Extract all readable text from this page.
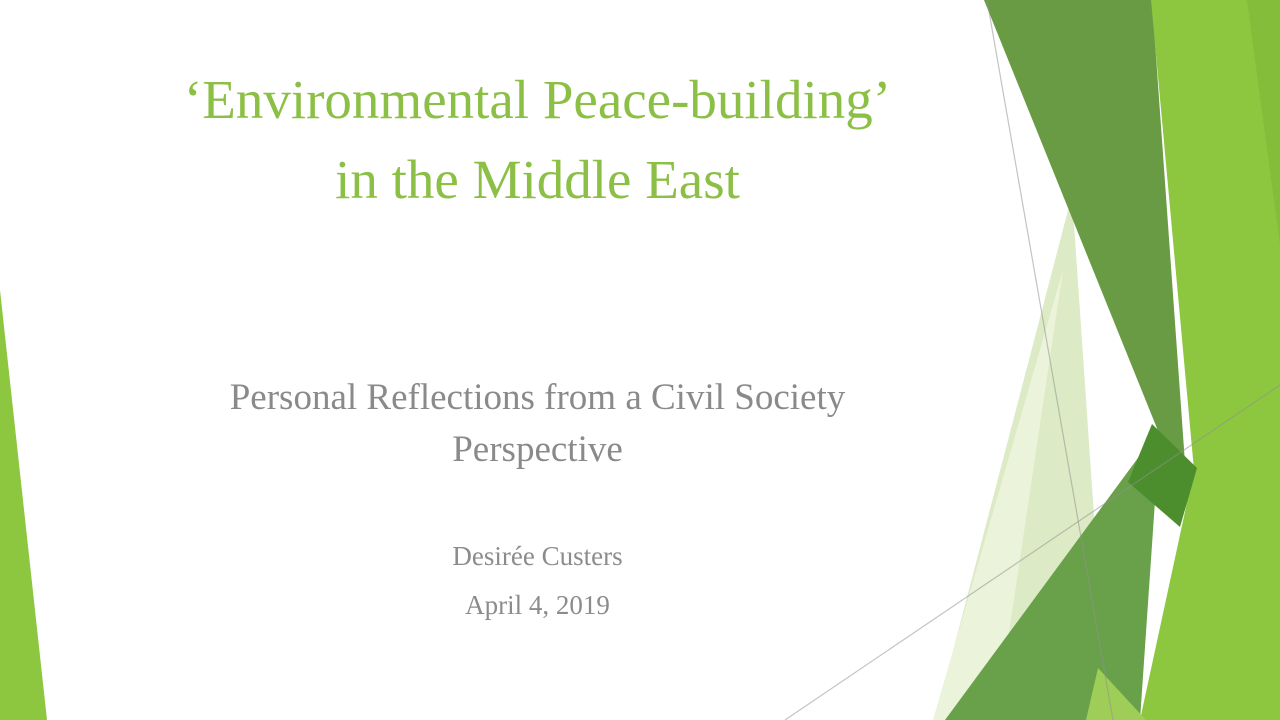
‘Environmental Peace-building’
in the Middle East
Personal Reflections from a Civil Society
Perspective
Desirée Custers
April 4, 2019
